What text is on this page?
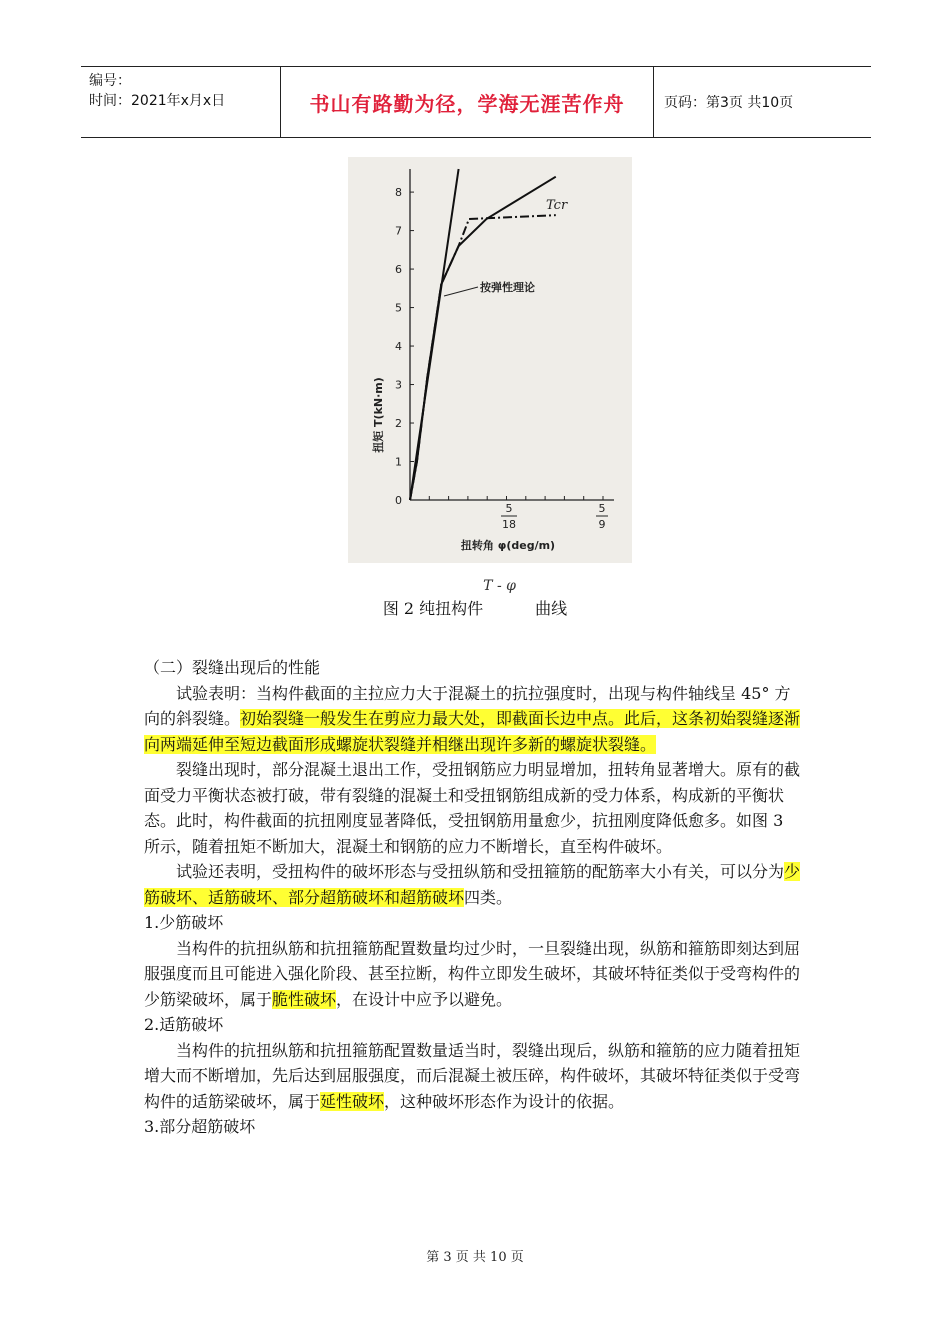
编号：
时间：2021年x月x日	书山有路勤为径，学海无涯苦作舟	页码：第3页 共10页
0
1
2
3
4
5
6
7
8
扭矩 T(kN·m)
扭转角 φ(deg/m)
Tcr
按弹性理论
5
18
5
9
图 2 纯扭构件
T - φ
曲线

（二）裂缝出现后的性能

试验表明：当构件截面的主拉应力大于混凝土的抗拉强度时，出现与构件轴线呈 45° 方向的斜裂缝。初始裂缝一般发生在剪应力最大处，即截面长边中点。此后，这条初始裂缝逐渐向两端延伸至短边截面形成螺旋状裂缝并相继出现许多新的螺旋状裂缝。

裂缝出现时，部分混凝土退出工作，受扭钢筋应力明显增加，扭转角显著增大。原有的截面受力平衡状态被打破，带有裂缝的混凝土和受扭钢筋组成新的受力体系，构成新的平衡状态。此时，构件截面的抗扭刚度显著降低，受扭钢筋用量愈少，抗扭刚度降低愈多。如图 3 所示，随着扭矩不断加大，混凝土和钢筋的应力不断增长，直至构件破坏。

试验还表明，受扭构件的破坏形态与受扭纵筋和受扭箍筋的配筋率大小有关，可以分为少筋破坏、适筋破坏、部分超筋破坏和超筋破坏四类。

1.少筋破坏

当构件的抗扭纵筋和抗扭箍筋配置数量均过少时，一旦裂缝出现，纵筋和箍筋即刻达到屈服强度而且可能进入强化阶段、甚至拉断，构件立即发生破坏，其破坏特征类似于受弯构件的少筋梁破坏，属于脆性破坏，在设计中应予以避免。

2.适筋破坏

当构件的抗扭纵筋和抗扭箍筋配置数量适当时，裂缝出现后，纵筋和箍筋的应力随着扭矩增大而不断增加，先后达到屈服强度，而后混凝土被压碎，构件破坏，其破坏特征类似于受弯构件的适筋梁破坏，属于延性破坏，这种破坏形态作为设计的依据。

3.部分超筋破坏

第 3 页 共 10 页
